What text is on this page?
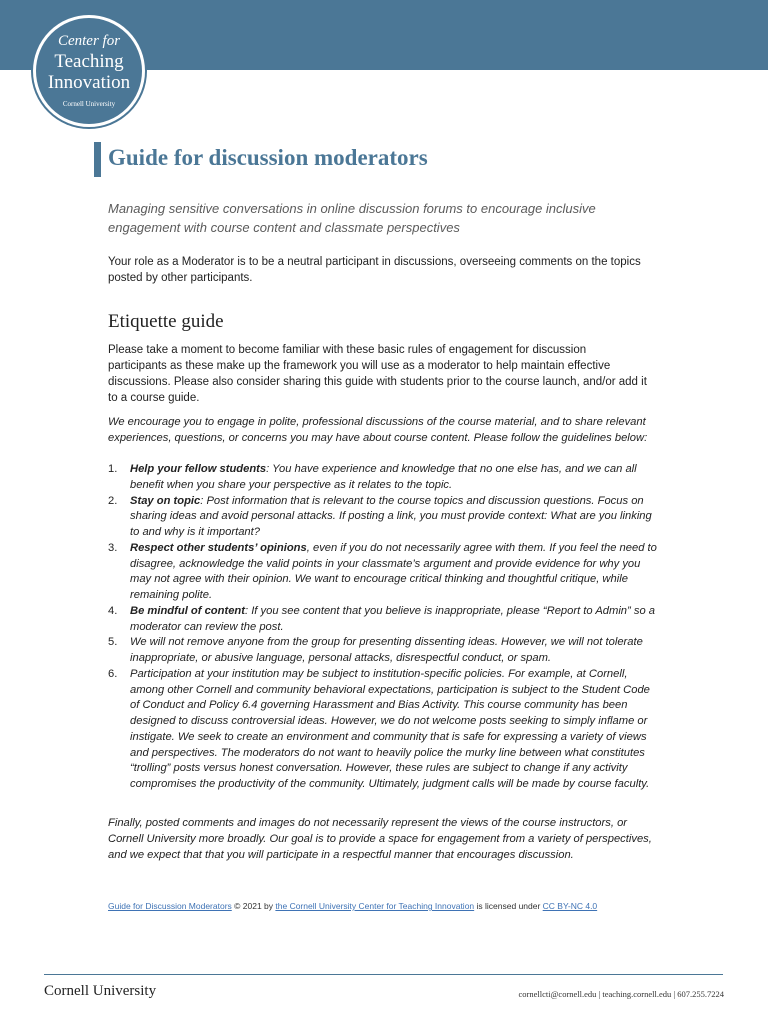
Center for
Teaching
Innovation
Cornell University
Guide for discussion moderators
Managing sensitive conversations in online discussion forums to encourage inclusive engagement with course content and classmate perspectives
Your role as a Moderator is to be a neutral participant in discussions, overseeing comments on the topics posted by other participants.
Etiquette guide
Please take a moment to become familiar with these basic rules of engagement for discussion participants as these make up the framework you will use as a moderator to help maintain effective discussions. Please also consider sharing this guide with students prior to the course launch, and/or add it to a course guide.
We encourage you to engage in polite, professional discussions of the course material, and to share relevant experiences, questions, or concerns you may have about course content. Please follow the guidelines below:
1. Help your fellow students: You have experience and knowledge that no one else has, and we can all benefit when you share your perspective as it relates to the topic.
2. Stay on topic: Post information that is relevant to the course topics and discussion questions. Focus on sharing ideas and avoid personal attacks. If posting a link, you must provide context: What are you linking to and why is it important?
3. Respect other students’ opinions, even if you do not necessarily agree with them. If you feel the need to disagree, acknowledge the valid points in your classmate’s argument and provide evidence for why you may not agree with their opinion. We want to encourage critical thinking and thoughtful critique, while remaining polite.
4. Be mindful of content: If you see content that you believe is inappropriate, please “Report to Admin” so a moderator can review the post.
5. We will not remove anyone from the group for presenting dissenting ideas. However, we will not tolerate inappropriate, or abusive language, personal attacks, disrespectful conduct, or spam.
6. Participation at your institution may be subject to institution-specific policies. For example, at Cornell, among other Cornell and community behavioral expectations, participation is subject to the Student Code of Conduct and Policy 6.4 governing Harassment and Bias Activity. This course community has been designed to discuss controversial ideas. However, we do not welcome posts seeking to simply inflame or instigate. We seek to create an environment and community that is safe for expressing a variety of views and perspectives. The moderators do not want to heavily police the murky line between what constitutes “trolling” posts versus honest conversation. However, these rules are subject to change if any activity compromises the productivity of the community. Ultimately, judgment calls will be made by course faculty.
Finally, posted comments and images do not necessarily represent the views of the course instructors, or Cornell University more broadly. Our goal is to provide a space for engagement from a variety of perspectives, and we expect that that you will participate in a respectful manner that encourages discussion.
Guide for Discussion Moderators © 2021 by the Cornell University Center for Teaching Innovation is licensed under CC BY-NC 4.0
Cornell University	cornellcti@cornell.edu | teaching.cornell.edu | 607.255.7224
